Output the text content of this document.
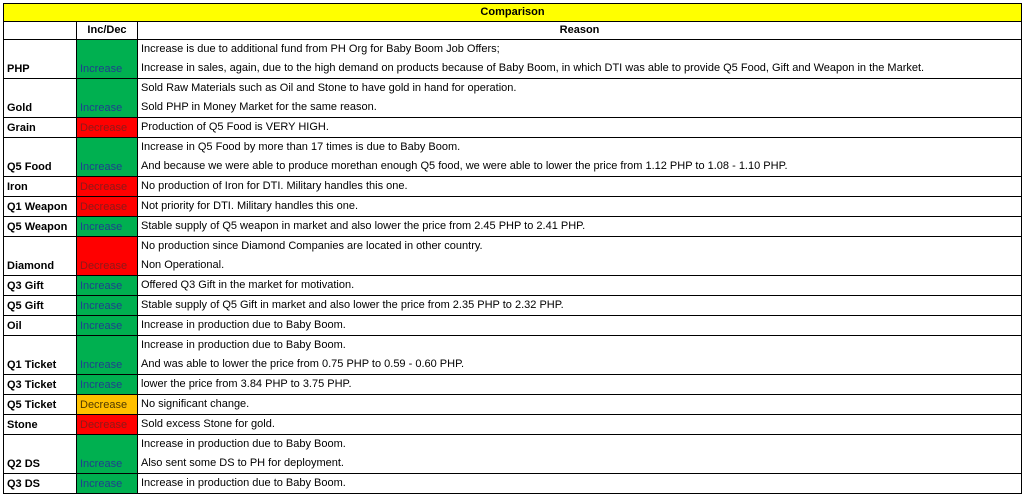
Comparison		
	Inc/Dec	Reason
PHP	Increase	Increase is due to additional fund from PH Org for Baby Boom Job Offers;
Increase in sales, again, due to the high demand on products because of Baby Boom, in which DTI was able to provide Q5 Food, Gift and Weapon in the Market.

Gold	Increase	Sold Raw Materials such as Oil and Stone to have gold in hand for operation.
Sold PHP in Money Market for the same reason.

Grain	Decrease	Production of Q5 Food is VERY HIGH.

Q5 Food	Increase	Increase in Q5 Food by more than 17 times is due to Baby Boom.
And because we were able to produce morethan enough Q5 food, we were able to lower the price from 1.12 PHP to 1.08 - 1.10 PHP.

Iron	Decrease	No production of Iron for DTI. Military handles this one.

Q1 Weapon	Decrease	Not priority for DTI. Military handles this one.

Q5 Weapon	Increase	Stable supply of Q5 weapon in market and also lower the price from 2.45 PHP to 2.41 PHP.

Diamond	Decrease	No production since Diamond Companies are located in other country.
Non Operational.

Q3 Gift	Increase	Offered Q3 Gift in the market for motivation.

Q5 Gift	Increase	Stable supply of Q5 Gift in market and also lower the price from 2.35 PHP to 2.32 PHP.

Oil	Increase	Increase in production due to Baby Boom.

Q1 Ticket	Increase	Increase in production due to Baby Boom.
And was able to lower the price from 0.75 PHP to 0.59 - 0.60 PHP.

Q3 Ticket	Increase	lower the price from 3.84 PHP to 3.75 PHP.

Q5 Ticket	Decrease	No significant change.

Stone	Decrease	Sold excess Stone for gold.

Q2 DS	Increase	Increase in production due to Baby Boom.
Also sent some DS to PH for deployment.

Q3 DS	Increase	Increase in production due to Baby Boom.
